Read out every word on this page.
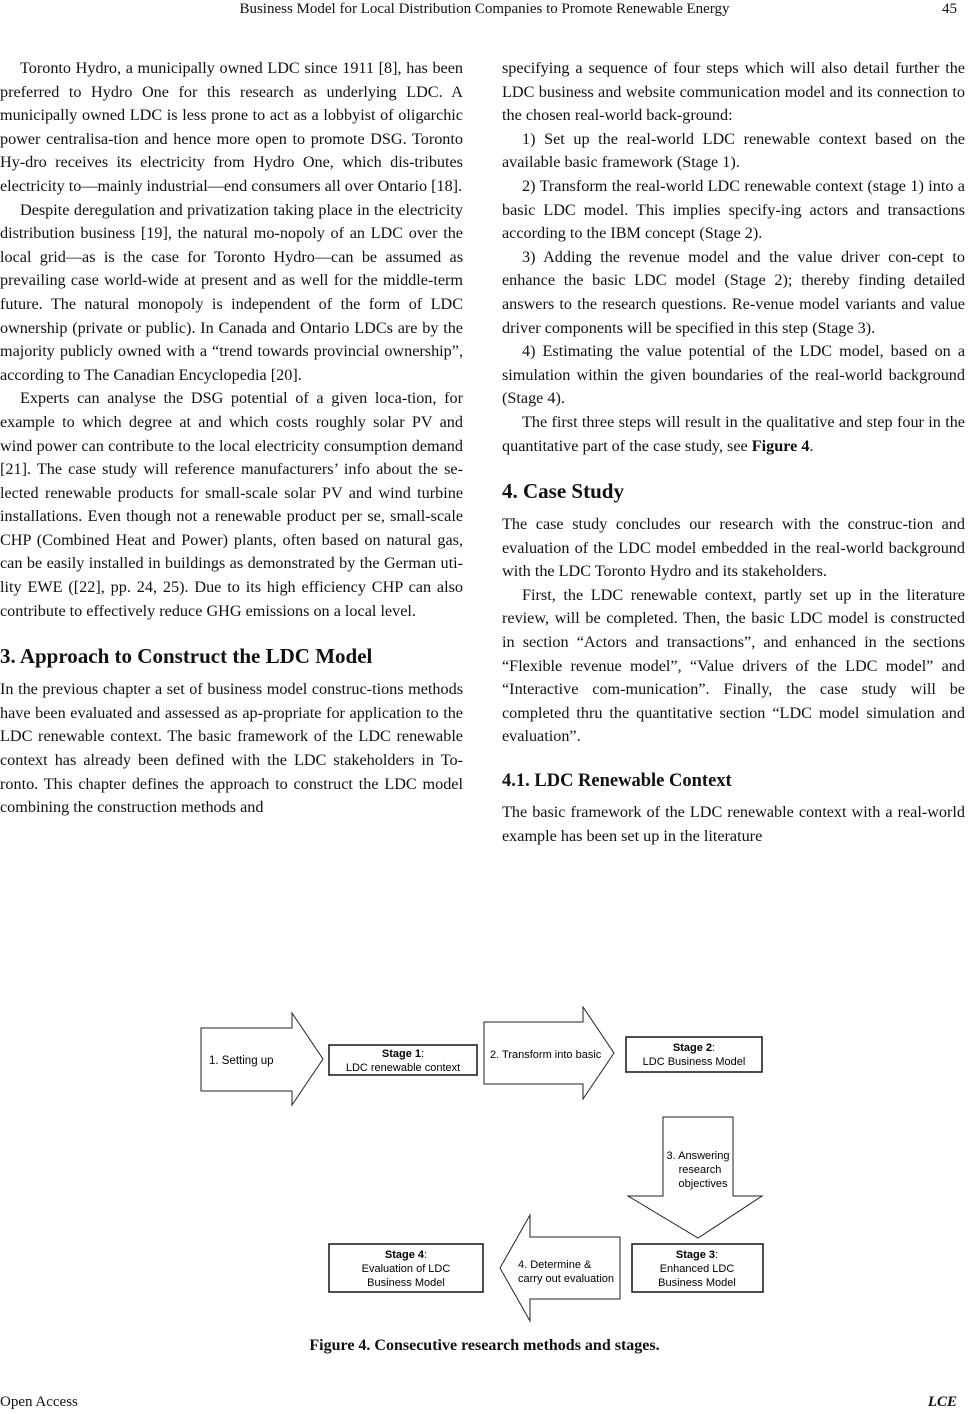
Business Model for Local Distribution Companies to Promote Renewable Energy	45

Toronto Hydro, a municipally owned LDC since 1911 [8], has been preferred to Hydro One for this research as underlying LDC. A municipally owned LDC is less prone to act as a lobbyist of oligarchic power centralisa-tion and hence more open to promote DSG. Toronto Hy-dro receives its electricity from Hydro One, which dis-tributes electricity to—mainly industrial—end consumers all over Ontario [18].

Despite deregulation and privatization taking place in the electricity distribution business [19], the natural mo-nopoly of an LDC over the local grid—as is the case for Toronto Hydro—can be assumed as prevailing case world-wide at present and as well for the middle-term future. The natural monopoly is independent of the form of LDC ownership (private or public). In Canada and Ontario LDCs are by the majority publicly owned with a “trend towards provincial ownership”, according to The Canadian Encyclopedia [20].

Experts can analyse the DSG potential of a given loca-tion, for example to which degree at and which costs roughly solar PV and wind power can contribute to the local electricity consumption demand [21]. The case study will reference manufacturers’ info about the se-lected renewable products for small-scale solar PV and wind turbine installations. Even though not a renewable product per se, small-scale CHP (Combined Heat and Power) plants, often based on natural gas, can be easily installed in buildings as demonstrated by the German uti-lity EWE ([22], pp. 24, 25). Due to its high efficiency CHP can also contribute to effectively reduce GHG emissions on a local level.

3. Approach to Construct the LDC Model

In the previous chapter a set of business model construc-tions methods have been evaluated and assessed as ap-propriate for application to the LDC renewable context. The basic framework of the LDC renewable context has already been defined with the LDC stakeholders in To-ronto. This chapter defines the approach to construct the LDC model combining the construction methods and

specifying a sequence of four steps which will also detail further the LDC business and website communication model and its connection to the chosen real-world back-ground:

1) Set up the real-world LDC renewable context based on the available basic framework (Stage 1).

2) Transform the real-world LDC renewable context (stage 1) into a basic LDC model. This implies specify-ing actors and transactions according to the IBM concept (Stage 2).

3) Adding the revenue model and the value driver con-cept to enhance the basic LDC model (Stage 2); thereby finding detailed answers to the research questions. Re-venue model variants and value driver components will be specified in this step (Stage 3).

4) Estimating the value potential of the LDC model, based on a simulation within the given boundaries of the real-world background (Stage 4).

The first three steps will result in the qualitative and step four in the quantitative part of the case study, see Figure 4.

4. Case Study

The case study concludes our research with the construc-tion and evaluation of the LDC model embedded in the real-world background with the LDC Toronto Hydro and its stakeholders.

First, the LDC renewable context, partly set up in the literature review, will be completed. Then, the basic LDC model is constructed in section “Actors and transactions”, and enhanced in the sections “Flexible revenue model”, “Value drivers of the LDC model” and “Interactive com-munication”. Finally, the case study will be completed thru the quantitative section “LDC model simulation and evaluation”.

4.1. LDC Renewable Context

The basic framework of the LDC renewable context with a real-world example has been set up in the literature

1. Setting up
Stage 1:
LDC renewable context
2. Transform into basic
Stage 2:
LDC Business Model
3. Answering
research
objectives
Stage 3:
Enhanced LDC
Business Model
4. Determine &
carry out evaluation
Stage 4:
Evaluation of LDC
Business Model
Figure 4. Consecutive research methods and stages.
Open Access	LCE
